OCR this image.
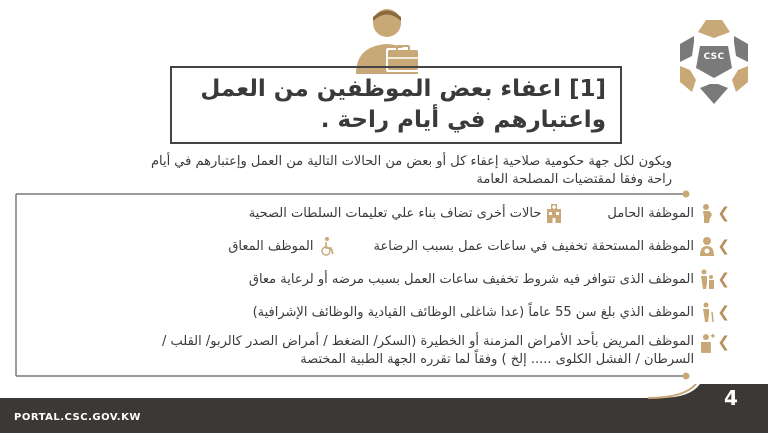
CSC
[1] اعفاء بعض الموظفين من العمل واعتبارهم في أيام راحة .
ويكون لكل جهة حكومية صلاحية إعفاء كل أو بعض من الحالات التالية من العمل وإعتبارهم في أيام راحة وفقا لمقتضيات المصلحة العامة
❯
الموظفة الحامل
حالات أخرى تضاف بناء علي تعليمات السلطات الصحية
❯
الموظفة المستحقة تخفيف في ساعات عمل بسبب الرضاعة
الموظف المعاق
❯
الموظف الذى تتوافر فيه شروط تخفيف ساعات العمل بسبب مرضه أو لرعاية معاق
❯
الموظف الذي بلغ سن 55 عاماً (عدا شاغلى الوظائف القيادية والوظائف الإشرافية)
❯
الموظف المريض بأحد الأمراض المزمنة أو الخطيرة (السكر/ الضغط / أمراض الصدر كالربو/ القلب / السرطان / الفشل الكلوى ..... إلخ ) وفقاً لما تقرره الجهة الطبية المختصة
PORTAL.CSC.GOV.KW
4
